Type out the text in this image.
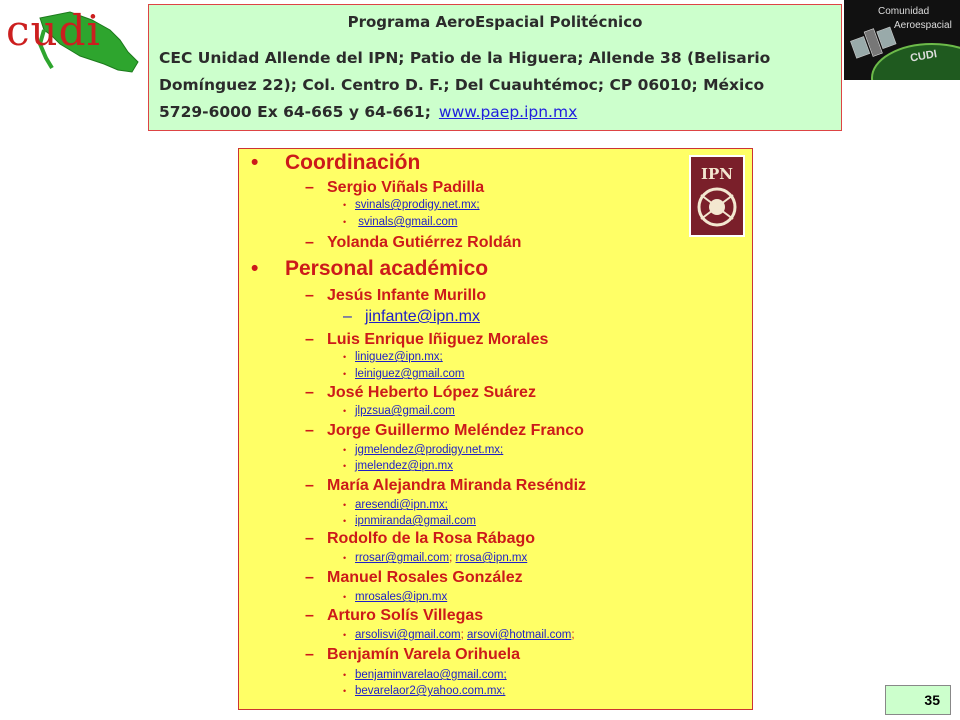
cudi	Programa AeroEspacial Politécnico
CEC Unidad Allende del IPN; Patio de la Higuera; Allende 38 (Belisario Domínguez 22); Col. Centro D. F.; Del Cuauhtémoc; CP 06010; México 5729-6000 Ex 64-665 y 64-661; www.paep.ipn.mx
Comunidad
Aeroespacial
CUDI
IPN
• Coordinación
– Sergio Viñals Padilla
• svinals@prodigy.net.mx;
• svinals@gmail.com
– Yolanda Gutiérrez Roldán
• Personal académico
– Jesús Infante Murillo
– jinfante@ipn.mx
– Luis Enrique Iñiguez Morales
• liniguez@ipn.mx;
• leiniguez@gmail.com
– José Heberto López Suárez
• jlpzsua@gmail.com
– Jorge Guillermo Meléndez Franco
• jgmelendez@prodigy.net.mx;
• jmelendez@ipn.mx
– María Alejandra Miranda Reséndiz
• aresendi@ipn.mx;
• ipnmiranda@gmail.com
– Rodolfo de la Rosa Rábago
• rrosar@gmail.com; rrosa@ipn.mx
– Manuel Rosales González
• mrosales@ipn.mx
– Arturo Solís Villegas
• arsolisvi@gmail.com; arsovi@hotmail.com;
– Benjamín Varela Orihuela
• benjaminvarelao@gmail.com;
• bevarelaor2@yahoo.com.mx;
35
